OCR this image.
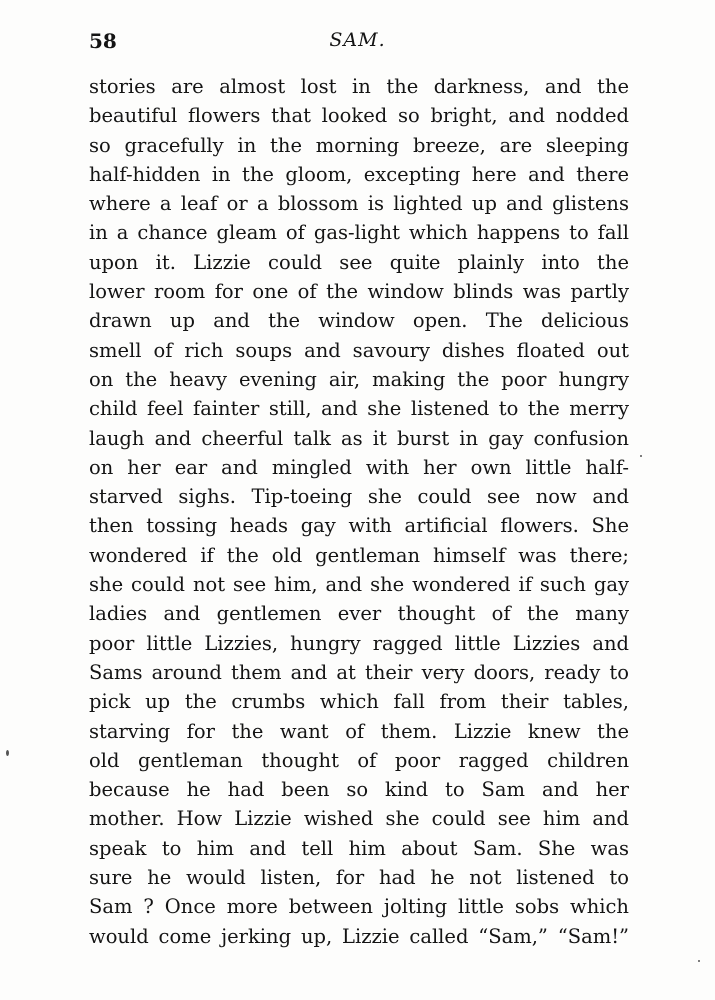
58	SAM.
stories are almost lost in the darkness, and the
beautiful flowers that looked so bright, and nodded
so gracefully in the morning breeze, are sleeping
half-hidden in the gloom, excepting here and there
where a leaf or a blossom is lighted up and glistens
in a chance gleam of gas-light which happens to fall
upon it. Lizzie could see quite plainly into the
lower room for one of the window blinds was partly
drawn up and the window open. The delicious
smell of rich soups and savoury dishes floated out
on the heavy evening air, making the poor hungry
child feel fainter still, and she listened to the merry
laugh and cheerful talk as it burst in gay confusion
on her ear and mingled with her own little half-
starved sighs. Tip-toeing she could see now and
then tossing heads gay with artificial flowers. She
wondered if the old gentleman himself was there;
she could not see him, and she wondered if such gay
ladies and gentlemen ever thought of the many
poor little Lizzies, hungry ragged little Lizzies and
Sams around them and at their very doors, ready to
pick up the crumbs which fall from their tables,
starving for the want of them. Lizzie knew the
old gentleman thought of poor ragged children
because he had been so kind to Sam and her
mother. How Lizzie wished she could see him and
speak to him and tell him about Sam. She was
sure he would listen, for had he not listened to
Sam ? Once more between jolting little sobs which
would come jerking up, Lizzie called “Sam,” “Sam!”
